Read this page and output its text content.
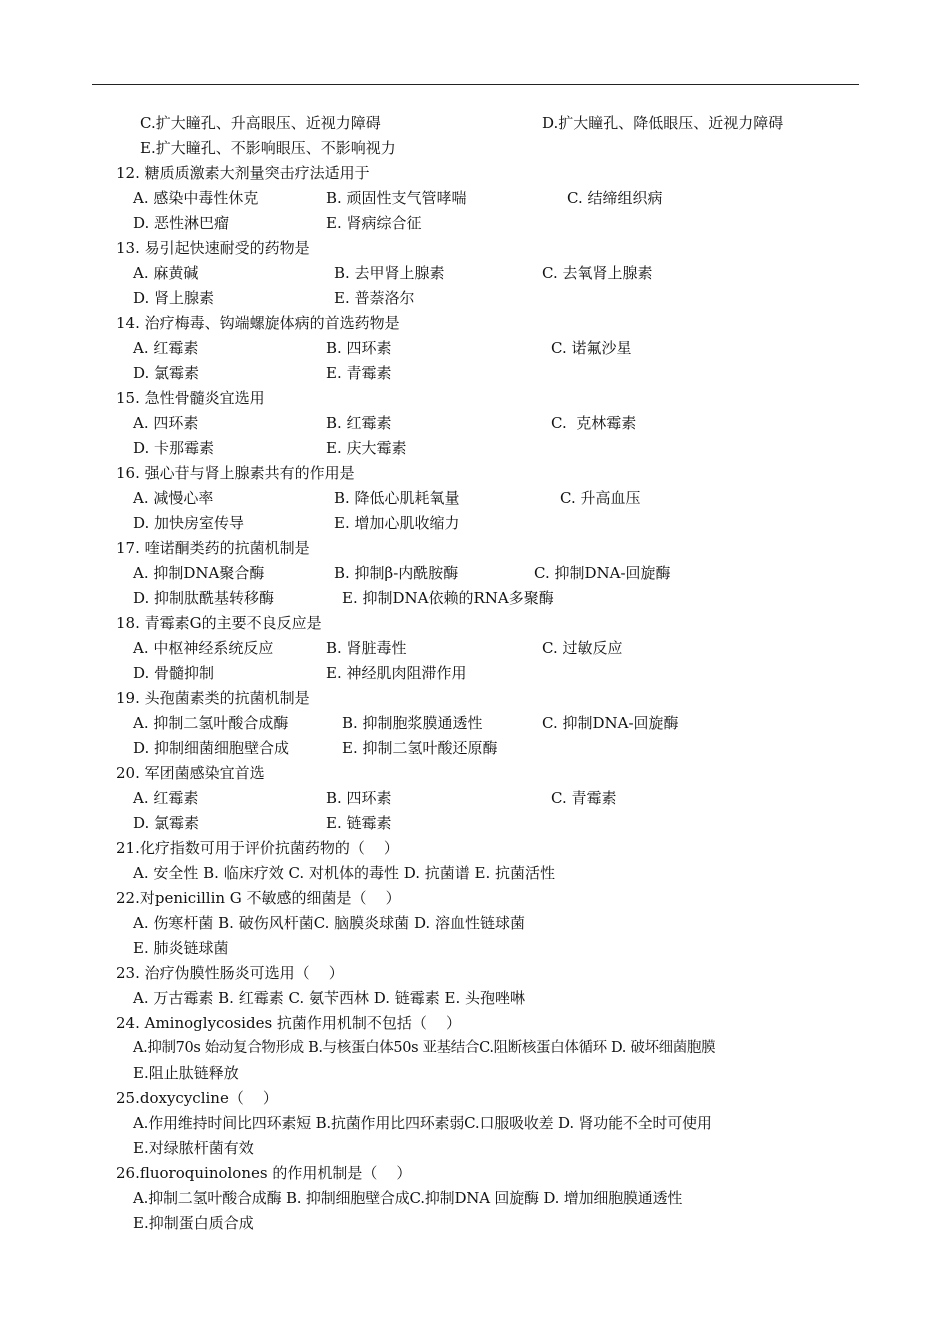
C.扩大瞳孔、升高眼压、近视力障碍	D.扩大瞳孔、降低眼压、近视力障碍
E.扩大瞳孔、不影响眼压、不影响视力
12. 糖质质激素大剂量突击疗法适用于
A. 感染中毒性休克	B. 顽固性支气管哮喘	C. 结缔组织病
D. 恶性淋巴瘤	E. 肾病综合征
13. 易引起快速耐受的药物是
A. 麻黄碱	B. 去甲肾上腺素	C. 去氧肾上腺素
D. 肾上腺素	E. 普萘洛尔
14. 治疗梅毒、钩端螺旋体病的首选药物是
A. 红霉素	B. 四环素	C. 诺氟沙星
D. 氯霉素	E. 青霉素
15. 急性骨髓炎宜选用
A. 四环素	B. 红霉素	C.  克林霉素
D. 卡那霉素	E. 庆大霉素
16. 强心苷与肾上腺素共有的作用是
A. 减慢心率	B. 降低心肌耗氧量	C. 升高血压
D. 加快房室传导	E. 增加心肌收缩力
17. 喹诺酮类药的抗菌机制是
A. 抑制DNA聚合酶	B. 抑制β-内酰胺酶	C. 抑制DNA-回旋酶
D. 抑制肽酰基转移酶	E. 抑制DNA依赖的RNA多聚酶
18. 青霉素G的主要不良反应是
A. 中枢神经系统反应	B. 肾脏毒性	C. 过敏反应
D. 骨髓抑制	E. 神经肌肉阻滞作用
19. 头孢菌素类的抗菌机制是
A. 抑制二氢叶酸合成酶	B. 抑制胞浆膜通透性	C. 抑制DNA-回旋酶
D. 抑制细菌细胞壁合成	E. 抑制二氢叶酸还原酶
20. 军团菌感染宜首选
A. 红霉素	B. 四环素	C. 青霉素
D. 氯霉素	E. 链霉素
21.化疗指数可用于评价抗菌药物的（    ）
A. 安全性 B. 临床疗效 C. 对机体的毒性 D. 抗菌谱 E. 抗菌活性
22.对penicillin G 不敏感的细菌是（    ）
A. 伤寒杆菌 B. 破伤风杆菌C. 脑膜炎球菌 D. 溶血性链球菌
E. 肺炎链球菌
23. 治疗伪膜性肠炎可选用（    ）
A. 万古霉素 B. 红霉素 C. 氨苄西林 D. 链霉素 E. 头孢唑啉
24. Aminoglycosides 抗菌作用机制不包括（    ）
A.抑制70s 始动复合物形成 B.与核蛋白体50s 亚基结合C.阻断核蛋白体循环 D. 破坏细菌胞膜
E.阻止肽链释放
25.doxycycline（    ）
A.作用维持时间比四环素短 B.抗菌作用比四环素弱C.口服吸收差 D. 肾功能不全时可使用
E.对绿脓杆菌有效
26.fluoroquinolones 的作用机制是（    ）
A.抑制二氢叶酸合成酶 B. 抑制细胞壁合成C.抑制DNA 回旋酶 D. 增加细胞膜通透性
E.抑制蛋白质合成
